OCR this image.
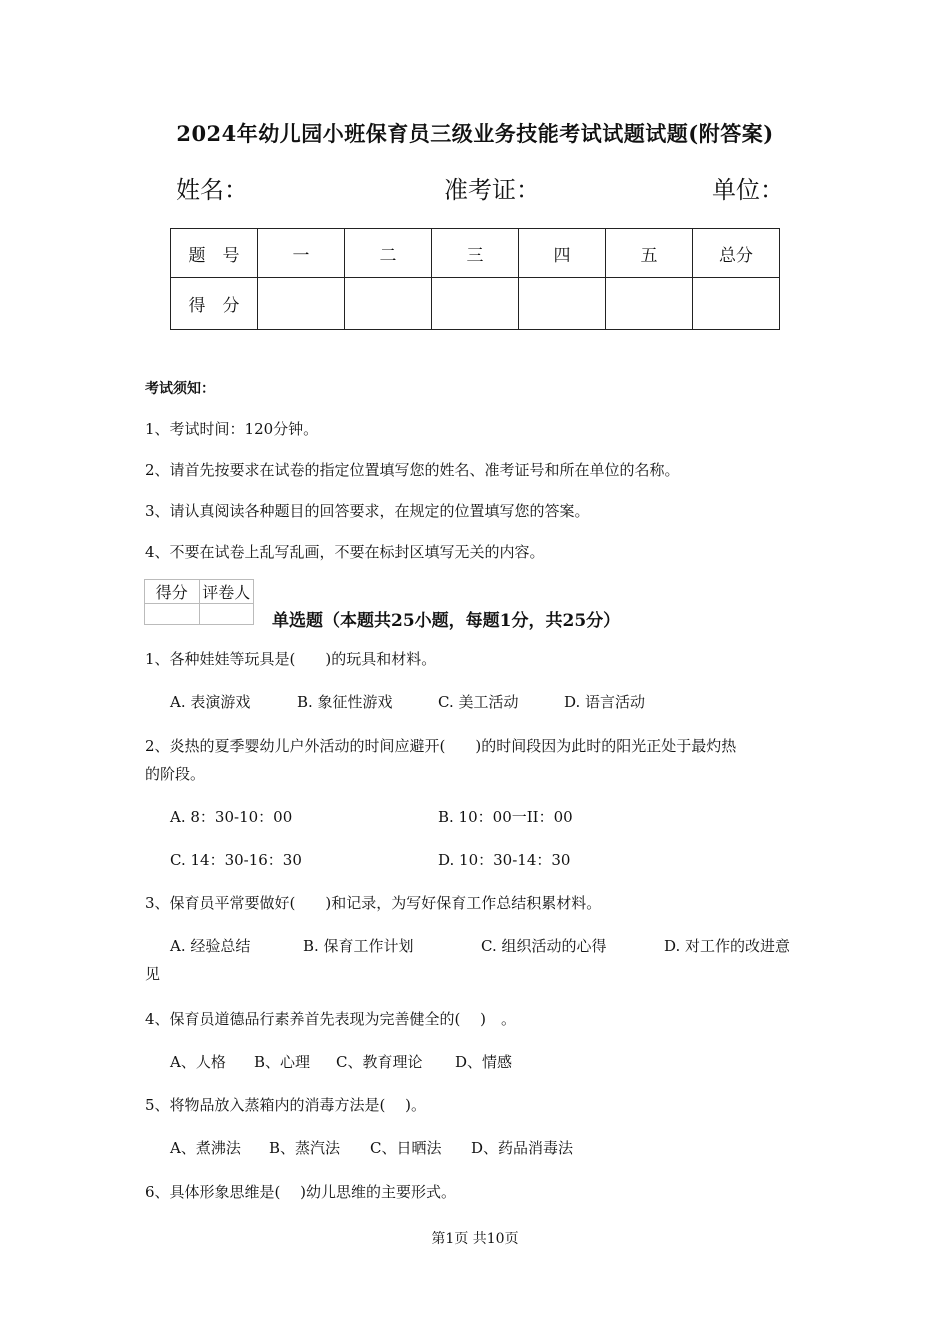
2024年幼儿园小班保育员三级业务技能考试试题试题(附答案)
姓名：	准考证：	单位：
题　号	一	二	三	四	五	总分
得　分						
考试须知：
1、考试时间：120分钟。
2、请首先按要求在试卷的指定位置填写您的姓名、准考证号和所在单位的名称。
3、请认真阅读各种题目的回答要求，在规定的位置填写您的答案。
4、不要在试卷上乱写乱画，不要在标封区填写无关的内容。
得分	评卷人

单选题（本题共25小题，每题1分，共25分）
1、各种娃娃等玩具是(　　)的玩具和材料。
A. 表演游戏	B. 象征性游戏	C. 美工活动	D. 语言活动
2、炎热的夏季婴幼儿户外活动的时间应避开(　　)的时间段因为此时的阳光正处于最灼热
的阶段。
A. 8：30-10：00	B. 10：00一II：00
C. 14：30-16：30	D. 10：30-14：30
3、保育员平常要做好(　　)和记录，为写好保育工作总结积累材料。
A. 经验总结	B. 保育工作计划	C. 组织活动的心得	D. 对工作的改进意
见
4、保育员道德品行素养首先表现为完善健全的(　 )　。
A、人格 B、心理 C、教育理论 D、情感
5、将物品放入蒸箱内的消毒方法是(　 )。
A、煮沸法 B、蒸汽法 C、日晒法 D、药品消毒法
6、具体形象思维是(　 )幼儿思维的主要形式。
第1页 共10页
